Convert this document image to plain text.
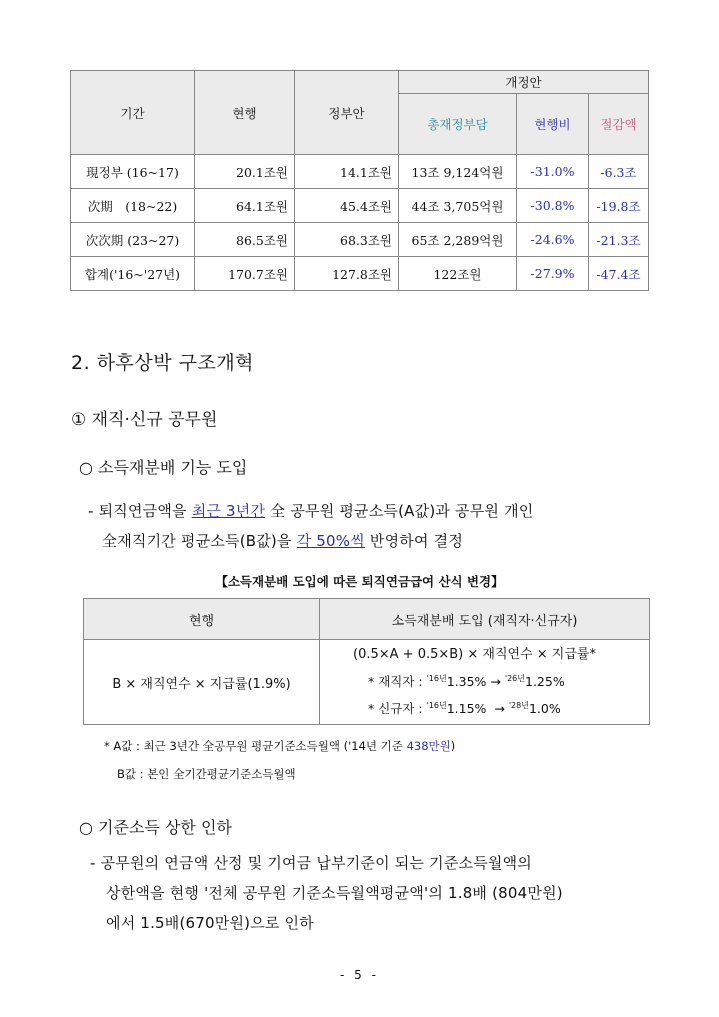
기간	현행	정부안	개정안		
			총재정부담	현행비	절감액
現정부 (16~17)	20.1조원	14.1조원	13조 9,124억원	-31.0%	-6.3조
次期　(18~22)	64.1조원	45.4조원	44조 3,705억원	-30.8%	-19.8조
次次期 (23~27)	86.5조원	68.3조원	65조 2,289억원	-24.6%	-21.3조
합계('16~'27년)	170.7조원	127.8조원	122조원	-27.9%	-47.4조
2. 하후상박 구조개혁
① 재직·신규 공무원
○ 소득재분배 기능 도입
- 퇴직연금액을 최근 3년간 全 공무원 평균소득(A값)과 공무원 개인
全재직기간 평균소득(B값)을 각 50%씩 반영하여 결정
【소득재분배 도입에 따른 퇴직연금급여 산식 변경】
현행	소득재분배 도입 (재직자·신규자)
B × 재직연수 × 지급률(1.9%)	(0.5×A + 0.5×B) × 재직연수 × 지급률*
* 재직자 : $^{'16년}$1.35% → $^{'26년}$1.25%
* 신규자 : $^{'16년}$1.15% → $^{'28년}$1.0%
* A값 : 최근 3년간 全공무원 평균기준소득월액 ('14년 기준 438만원)
B값 : 본인 全기간평균기준소득월액
○ 기준소득 상한 인하
- 공무원의 연금액 산정 및 기여금 납부기준이 되는 기준소득월액의
상한액을 현행 '전체 공무원 기준소득월액평균액'의 1.8배 (804만원)
에서 1.5배(670만원)으로 인하
- 5 -
